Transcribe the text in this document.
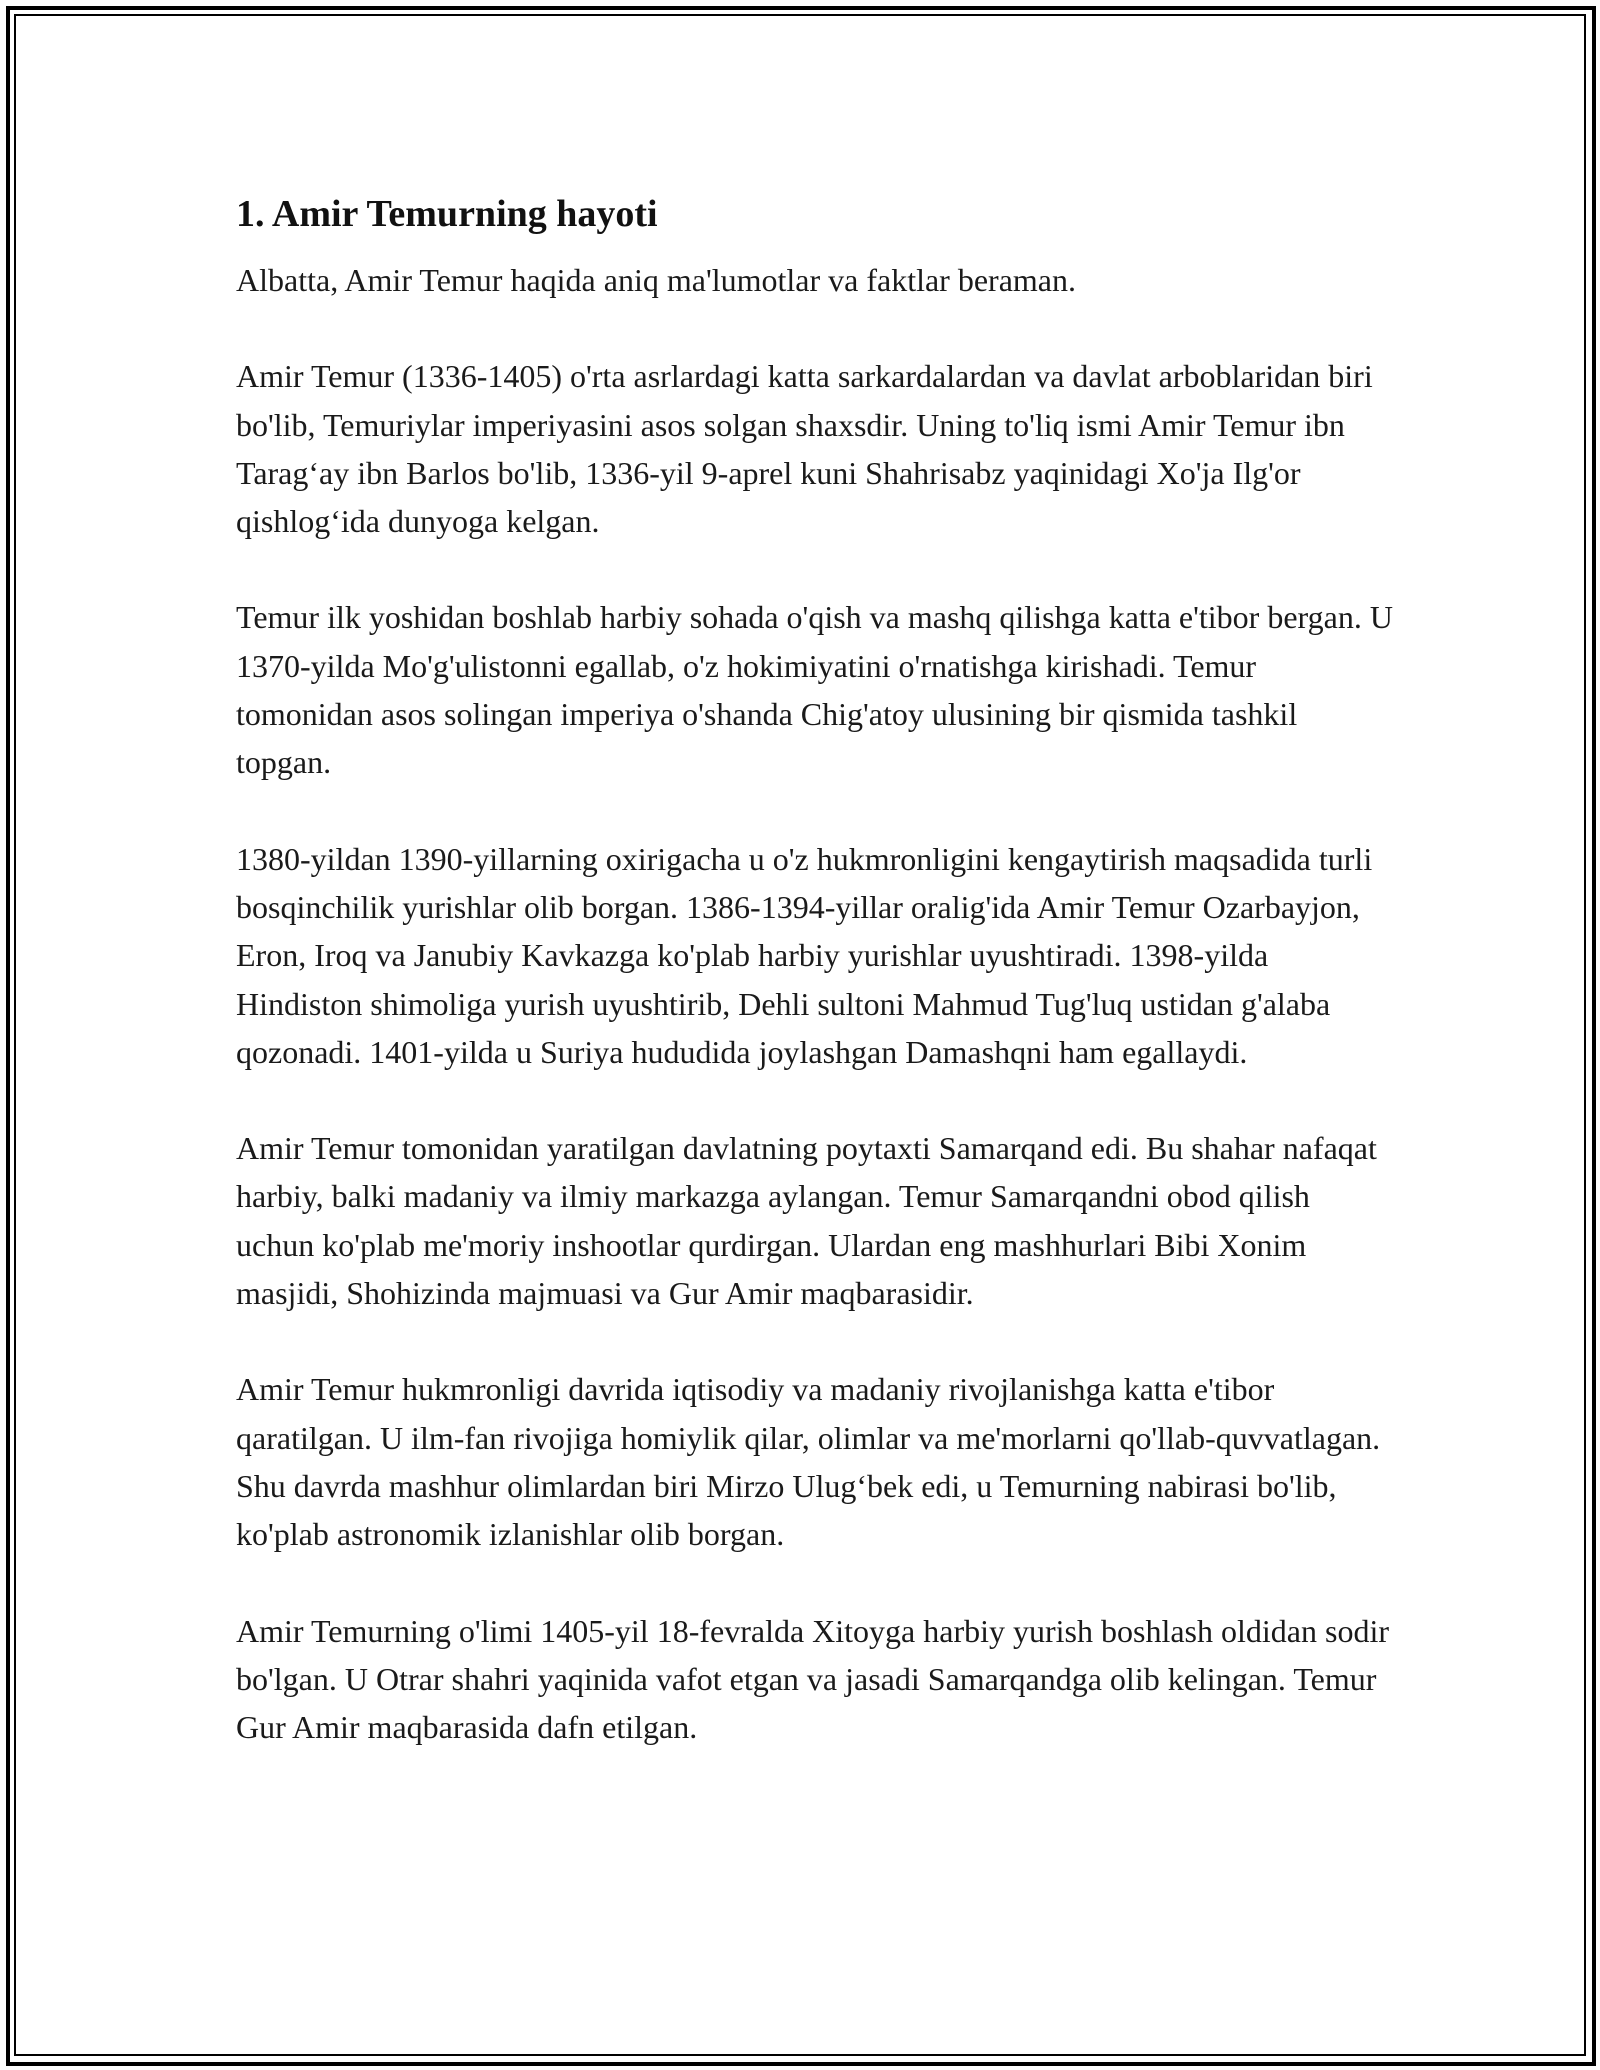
1. Amir Temurning hayoti

Albatta, Amir Temur haqida aniq ma'lumotlar va faktlar beraman.

Amir Temur (1336-1405) o'rta asrlardagi katta sarkardalardan va davlat arboblaridan biri bo'lib, Temuriylar imperiyasini asos solgan shaxsdir. Uning to'liq ismi Amir Temur ibn Tarag‘ay ibn Barlos bo'lib, 1336-yil 9-aprel kuni Shahrisabz yaqinidagi Xo'ja Ilg'or qishlog‘ida dunyoga kelgan.

Temur ilk yoshidan boshlab harbiy sohada o'qish va mashq qilishga katta e'tibor bergan. U 1370-yilda Mo'g'ulistonni egallab, o'z hokimiyatini o'rnatishga kirishadi. Temur tomonidan asos solingan imperiya o'shanda Chig'atoy ulusining bir qismida tashkil topgan.

1380-yildan 1390-yillarning oxirigacha u o'z hukmronligini kengaytirish maqsadida turli bosqinchilik yurishlar olib borgan. 1386-1394-yillar oralig'ida Amir Temur Ozarbayjon, Eron, Iroq va Janubiy Kavkazga ko'plab harbiy yurishlar uyushtiradi. 1398-yilda Hindiston shimoliga yurish uyushtirib, Dehli sultoni Mahmud Tug'luq ustidan g'alaba qozonadi. 1401-yilda u Suriya hududida joylashgan Damashqni ham egallaydi.

Amir Temur tomonidan yaratilgan davlatning poytaxti Samarqand edi. Bu shahar nafaqat harbiy, balki madaniy va ilmiy markazga aylangan. Temur Samarqandni obod qilish uchun ko'plab me'moriy inshootlar qurdirgan. Ulardan eng mashhurlari Bibi Xonim masjidi, Shohizinda majmuasi va Gur Amir maqbarasidir.

Amir Temur hukmronligi davrida iqtisodiy va madaniy rivojlanishga katta e'tibor qaratilgan. U ilm-fan rivojiga homiylik qilar, olimlar va me'morlarni qo'llab-quvvatlagan. Shu davrda mashhur olimlardan biri Mirzo Ulug‘bek edi, u Temurning nabirasi bo'lib, ko'plab astronomik izlanishlar olib borgan.

Amir Temurning o'limi 1405-yil 18-fevralda Xitoyga harbiy yurish boshlash oldidan sodir bo'lgan. U Otrar shahri yaqinida vafot etgan va jasadi Samarqandga olib kelingan. Temur Gur Amir maqbarasida dafn etilgan.
